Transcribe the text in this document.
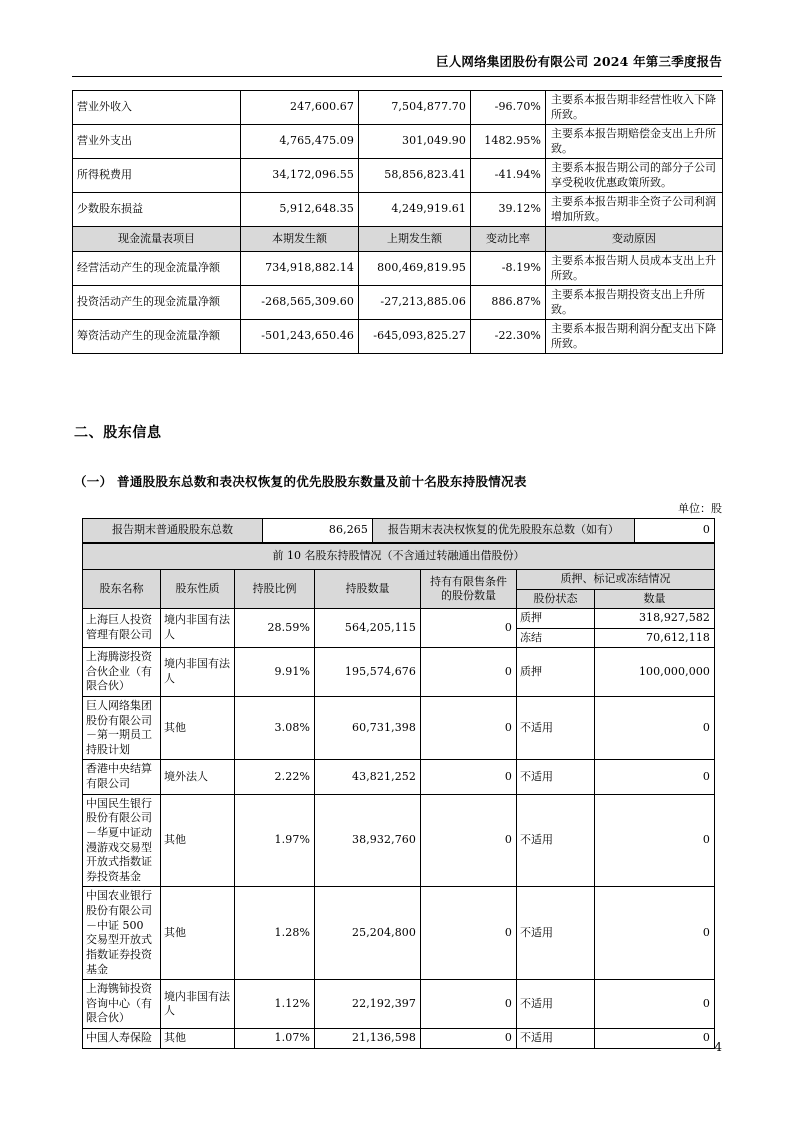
巨人网络集团股份有限公司 2024 年第三季度报告
营业外收入	247,600.67	7,504,877.70	-96.70%	主要系本报告期非经营性收入下降所致。
营业外支出	4,765,475.09	301,049.90	1482.95%	主要系本报告期赔偿金支出上升所致。
所得税费用	34,172,096.55	58,856,823.41	-41.94%	主要系本报告期公司的部分子公司享受税收优惠政策所致。
少数股东损益	5,912,648.35	4,249,919.61	39.12%	主要系本报告期非全资子公司利润增加所致。
现金流量表项目	本期发生额	上期发生额	变动比率	变动原因
经营活动产生的现金流量净额	734,918,882.14	800,469,819.95	-8.19%	主要系本报告期人员成本支出上升所致。
投资活动产生的现金流量净额	-268,565,309.60	-27,213,885.06	886.87%	主要系本报告期投资支出上升所致。
筹资活动产生的现金流量净额	-501,243,650.46	-645,093,825.27	-22.30%	主要系本报告期利润分配支出下降所致。
二、股东信息
（一） 普通股股东总数和表决权恢复的优先股股东数量及前十名股东持股情况表
单位：股
报告期末普通股股东总数	86,265	报告期末表决权恢复的优先股股东总数（如有）	0
前 10 名股东持股情况（不含通过转融通出借股份）						
股东名称	股东性质	持股比例	持股数量	持有有限售条件的股份数量	质押、标记或冻结情况	
					股份状态	数量
上海巨人投资管理有限公司	境内非国有法人	28.59%	564,205,115	0	质押	318,927,582
					冻结	70,612,118
上海腾澎投资合伙企业（有限合伙）	境内非国有法人	9.91%	195,574,676	0	质押	100,000,000
巨人网络集团股份有限公司－第一期员工持股计划	其他	3.08%	60,731,398	0	不适用	0
香港中央结算有限公司	境外法人	2.22%	43,821,252	0	不适用	0
中国民生银行股份有限公司－华夏中证动漫游戏交易型开放式指数证券投资基金	其他	1.97%	38,932,760	0	不适用	0
中国农业银行股份有限公司－中证 500 交易型开放式指数证券投资基金	其他	1.28%	25,204,800	0	不适用	0
上海镌铈投资咨询中心（有限合伙）	境内非国有法人	1.12%	22,192,397	0	不适用	0
中国人寿保险	其他	1.07%	21,136,598	0	不适用	0
4
